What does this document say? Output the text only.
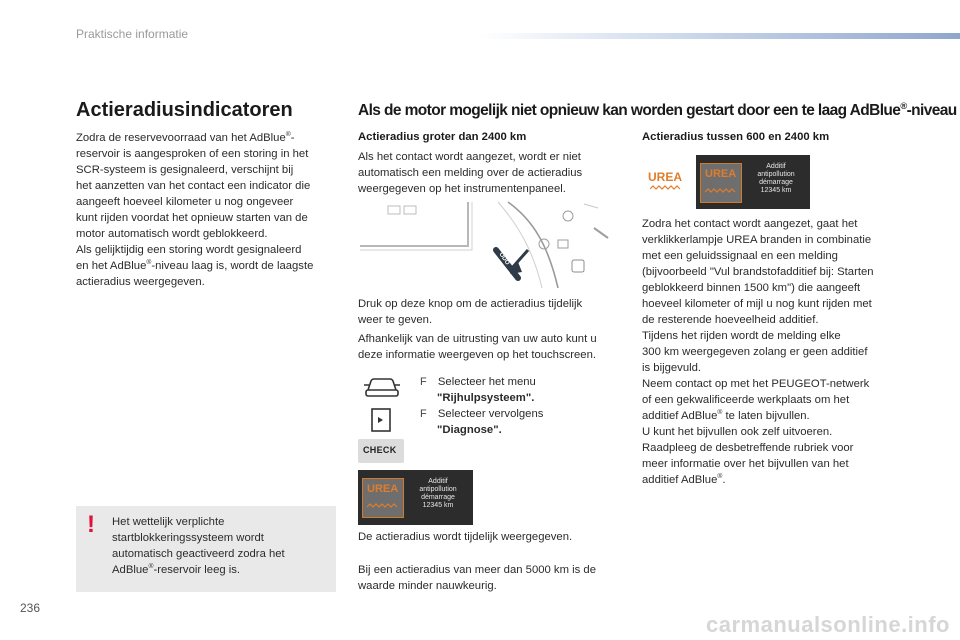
Praktische informatie
Actieradiusindicatoren

Zodra de reservevoorraad van het AdBlue®-

reservoir is aangesproken of een storing in het

SCR-systeem is gesignaleerd, verschijnt bij

het aanzetten van het contact een indicator die

aangeeft hoeveel kilometer u nog ongeveer

kunt rijden voordat het opnieuw starten van de

motor automatisch wordt geblokkeerd.

Als gelijktijdig een storing wordt gesignaleerd

en het AdBlue®-niveau laag is, wordt de laagste

actieradius weergegeven.

! Het wettelijk verplichte
startblokkeringssysteem wordt
automatisch geactiveerd zodra het
AdBlue®-reservoir leeg is.
Als de motor mogelijk niet opnieuw kan worden gestart door een te laag AdBlue®-niveau
Actieradius groter dan 2400 km
Als het contact wordt aangezet, wordt er niet
automatisch een melding over de actieradius
weergegeven op het instrumentenpaneel.
ODO
Druk op deze knop om de actieradius tijdelijk
weer te geven.
Afhankelijk van de uitrusting van uw auto kunt u
deze informatie weergeven op het touchscreen.
F Selecteer het menu
"Rijhulpsysteem".
F Selecteer vervolgens
"Diagnose".
CHECK
UREA
Additif
antipollution
démarrage
12345 km
De actieradius wordt tijdelijk weergegeven.
Bij een actieradius van meer dan 5000 km is de
waarde minder nauwkeurig.
Actieradius tussen 600 en 2400 km
UREA UREA
Additif
antipollution
démarrage
12345 km
Zodra het contact wordt aangezet, gaat het
verklikkerlampje UREA branden in combinatie
met een geluidssignaal en een melding
(bijvoorbeeld "Vul brandstofadditief bij: Starten
geblokkeerd binnen 1500 km") die aangeeft
hoeveel kilometer of mijl u nog kunt rijden met
de resterende hoeveelheid additief.
Tijdens het rijden wordt de melding elke
300 km weergegeven zolang er geen additief
is bijgevuld.
Neem contact op met het PEUGEOT-netwerk
of een gekwalificeerde werkplaats om het
additief AdBlue® te laten bijvullen.
U kunt het bijvullen ook zelf uitvoeren.
Raadpleeg de desbetreffende rubriek voor
meer informatie over het bijvullen van het
additief AdBlue®.
236
carmanualsonline.info
